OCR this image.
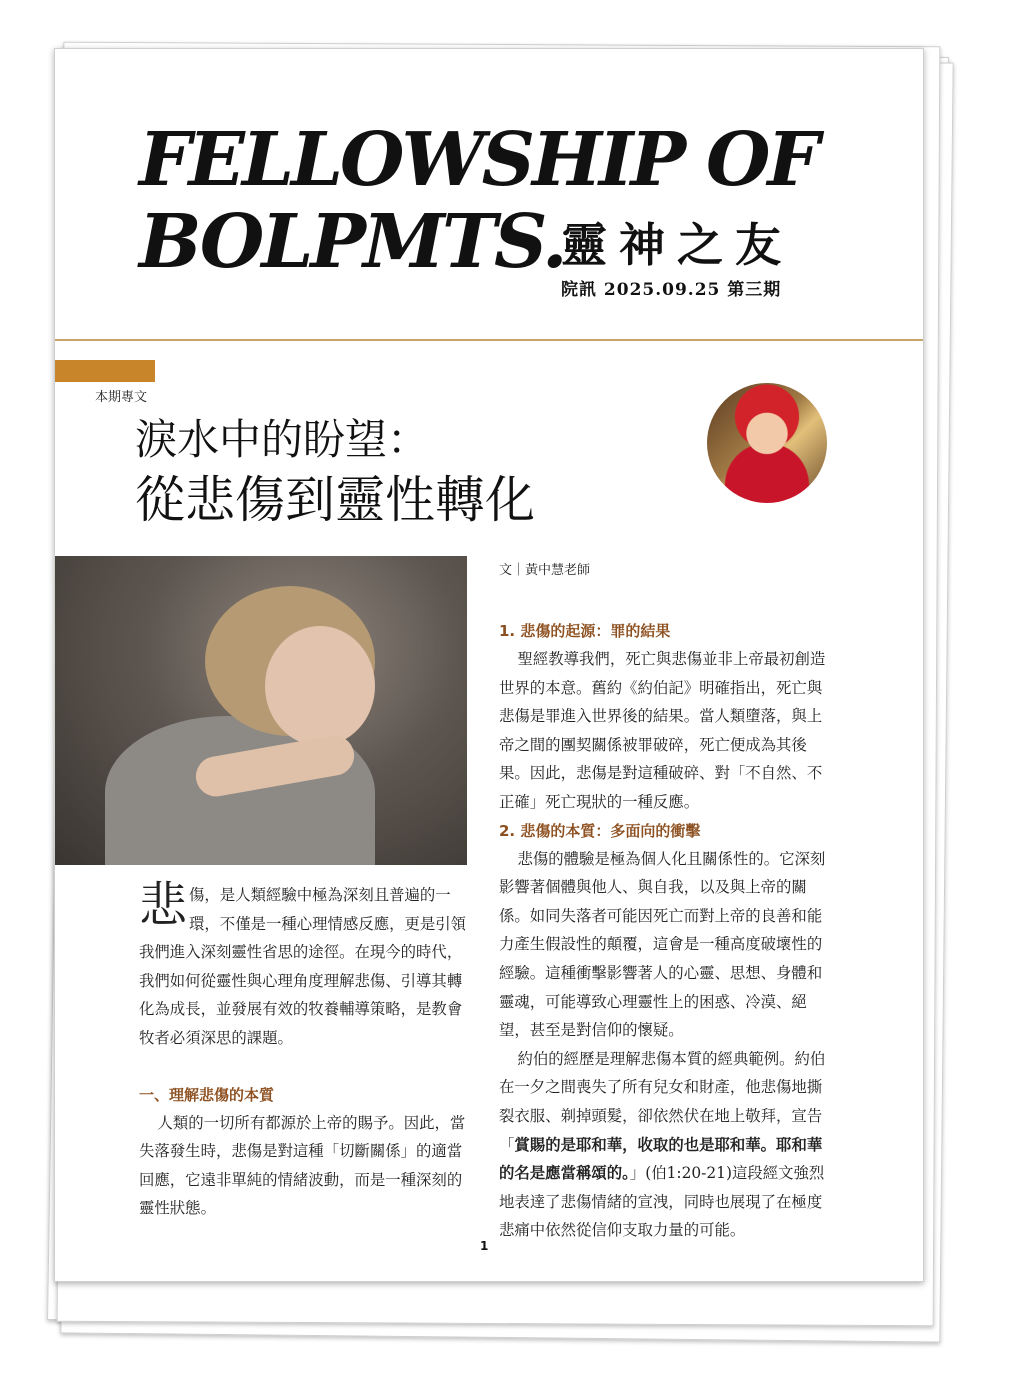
FELLOWSHIP OF
BOLPMTS.
靈神之友
院訊 2025.09.25 第三期
本期專文
淚水中的盼望：
從悲傷到靈性轉化
文｜黃中慧老師

悲傷，是人類經驗中極為深刻且普遍的一環，不僅是一種心理情感反應，更是引領我們進入深刻靈性省思的途徑。在現今的時代，我們如何從靈性與心理角度理解悲傷、引導其轉化為成長，並發展有效的牧養輔導策略，是教會牧者必須深思的課題。

一、理解悲傷的本質

人類的一切所有都源於上帝的賜予。因此，當失落發生時，悲傷是對這種「切斷關係」的適當回應，它遠非單純的情緒波動，而是一種深刻的靈性狀態。

1. 悲傷的起源：罪的結果

聖經教導我們，死亡與悲傷並非上帝最初創造世界的本意。舊約《約伯記》明確指出，死亡與悲傷是罪進入世界後的結果。當人類墮落，與上帝之間的團契關係被罪破碎，死亡便成為其後果。因此，悲傷是對這種破碎、對「不自然、不正確」死亡現狀的一種反應。

2. 悲傷的本質：多面向的衝擊

悲傷的體驗是極為個人化且關係性的。它深刻影響著個體與他人、與自我，以及與上帝的關係。如同失落者可能因死亡而對上帝的良善和能力產生假設性的顛覆，這會是一種高度破壞性的經驗。這種衝擊影響著人的心靈、思想、身體和靈魂，可能導致心理靈性上的困惑、冷漠、絕望，甚至是對信仰的懷疑。

約伯的經歷是理解悲傷本質的經典範例。約伯在一夕之間喪失了所有兒女和財產，他悲傷地撕裂衣服、剃掉頭髮，卻依然伏在地上敬拜，宣告「賞賜的是耶和華，收取的也是耶和華。耶和華的名是應當稱頌的。」(伯1:20-21)這段經文強烈地表達了悲傷情緒的宣洩，同時也展現了在極度悲痛中依然從信仰支取力量的可能。

1
